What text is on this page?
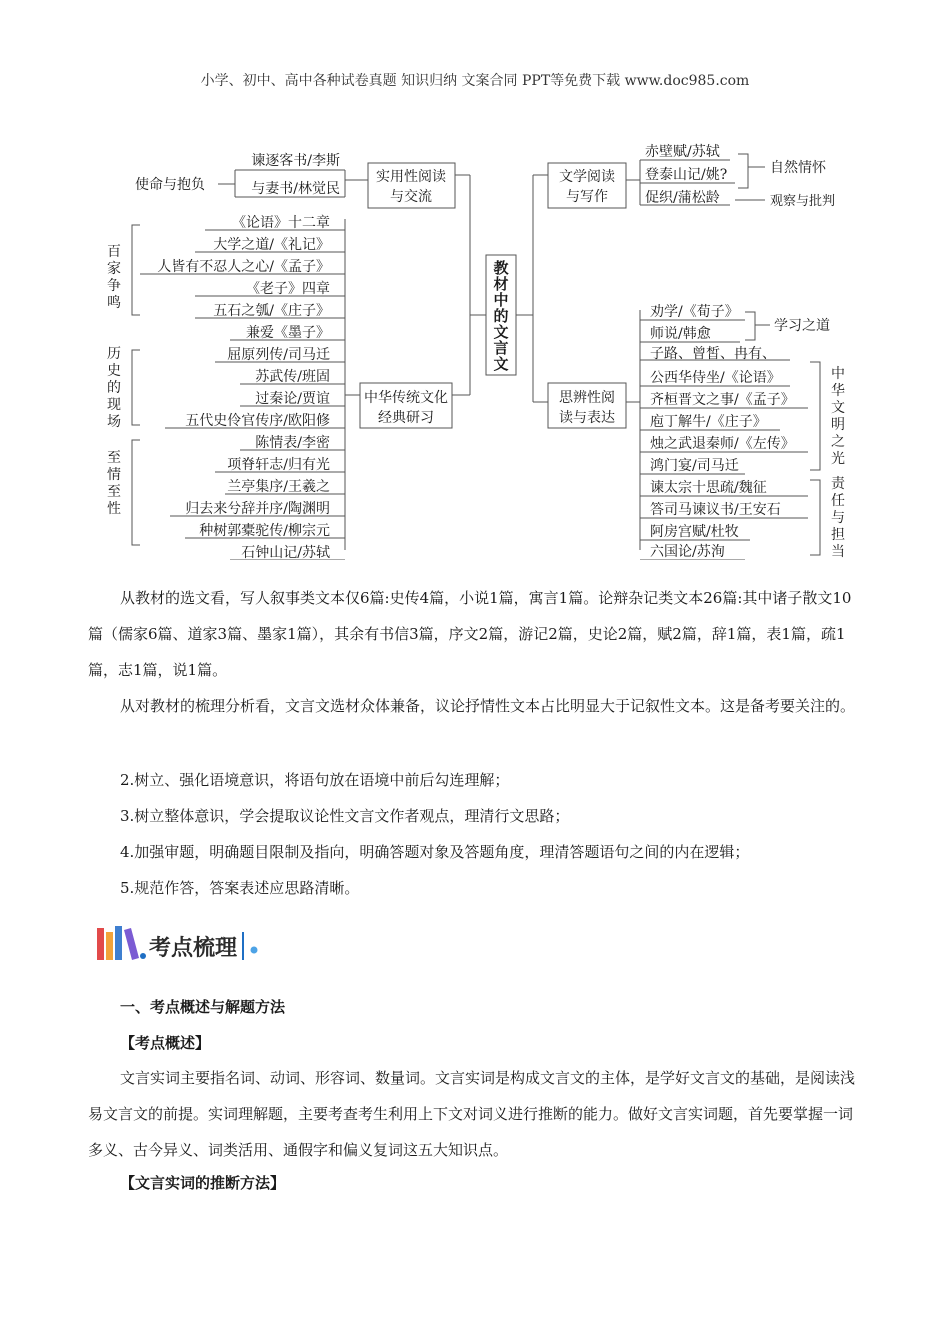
小学、初中、高中各种试卷真题 知识归纳 文案合同 PPT等免费下载 www.doc985.com
教
材
中
的
文
言
文
使命与抱负	实用性阅读
与交流
谏逐客书/李斯
与妻书/林觉民
中华传统文化
经典研习
《论语》十二章
大学之道/《礼记》
人皆有不忍人之心/《孟子》
《老子》四章
五石之瓠/《庄子》
兼爱《墨子》
屈原列传/司马迁
苏武传/班固
过秦论/贾谊
五代史伶官传序/欧阳修
陈情表/李密
项脊轩志/归有光
兰亭集序/王羲之
归去来兮辞并序/陶渊明
种树郭橐驼传/柳宗元
石钟山记/苏轼
百
家
争
鸣
历
史
的
现
场
至
情
至
性
文学阅读
与写作
赤壁赋/苏轼
登泰山记/姚?
促织/蒲松龄
自然情怀
观察与批判
思辨性阅
读与表达
劝学/《荀子》
师说/韩愈
子路、曾皙、冉有、
公西华侍坐/《论语》
齐桓晋文之事/《孟子》
庖丁解牛/《庄子》
烛之武退秦师/《左传》
鸿门宴/司马迁
谏太宗十思疏/魏征
答司马谏议书/王安石
阿房宫赋/杜牧
六国论/苏洵
学习之道
中
华
文
明
之
光
责
任
与
担
当

从教材的选文看，写人叙事类文本仅6篇:史传4篇，小说1篇，寓言1篇。论辩杂记类文本26篇:其中诸子散文10篇（儒家6篇、道家3篇、墨家1篇），其余有书信3篇，序文2篇，游记2篇，史论2篇，赋2篇，辞1篇，表1篇，疏1篇，志1篇，说1篇。

从对教材的梳理分析看，文言文选材众体兼备，议论抒情性文本占比明显大于记叙性文本。这是备考要关注的。

2.树立、强化语境意识，将语句放在语境中前后勾连理解；

3.树立整体意识，学会提取议论性文言文作者观点，理清行文思路；

4.加强审题，明确题目限制及指向，明确答题对象及答题角度，理清答题语句之间的内在逻辑；

5.规范作答，答案表述应思路清晰。

考点梳理

一、考点概述与解题方法

【考点概述】

文言实词主要指名词、动词、形容词、数量词。文言实词是构成文言文的主体，是学好文言文的基础，是阅读浅易文言文的前提。实词理解题，主要考查考生利用上下文对词义进行推断的能力。做好文言实词题，首先要掌握一词多义、古今异义、词类活用、通假字和偏义复词这五大知识点。

【文言实词的推断方法】
